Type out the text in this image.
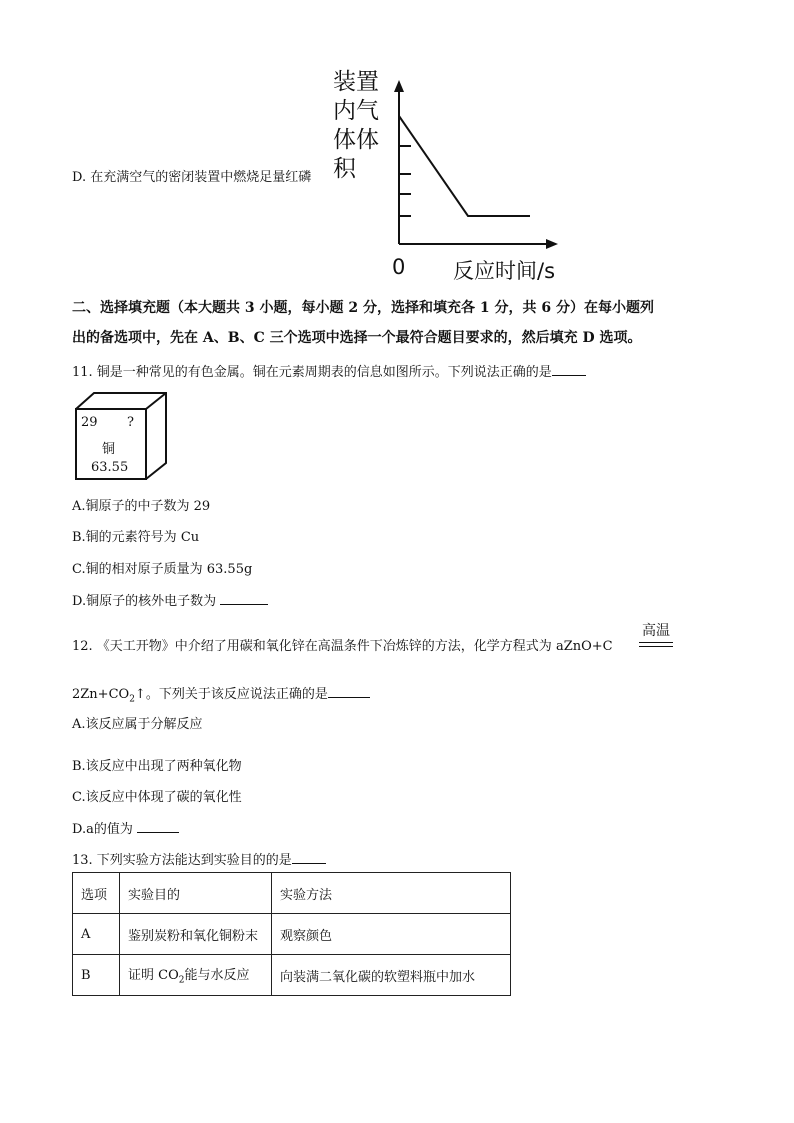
D. 在充满空气的密闭装置中燃烧足量红磷
装置
内气
体体
积
0 反应时间/s
二、选择填充题（本大题共 3 小题，每小题 2 分，选择和填充各 1 分，共 6 分）在每小题列
出的备选项中，先在 A、B、C 三个选项中选择一个最符合题目要求的，然后填充 D 选项。
11. 铜是一种常见的有色金属。铜在元素周期表的信息如图所示。下列说法正确的是
29 ?
铜
63.55
A.铜原子的中子数为 29
B.铜的元素符号为 Cu
C.铜的相对原子质量为 63.55g
D.铜原子的核外电子数为
12. 《天工开物》中介绍了用碳和氧化锌在高温条件下冶炼锌的方法，化学方程式为 aZnO+C
高温
$2Zn+CO_2↑$。下列关于该反应说法正确的是
A.该反应属于分解反应
B.该反应中出现了两种氧化物
C.该反应中体现了碳的氧化性
D.a的值为
13. 下列实验方法能达到实验目的的是
选项	实验目的	实验方法
A	鉴别炭粉和氧化铜粉末	观察颜色
B	证明 $CO_2$能与水反应	向装满二氧化碳的软塑料瓶中加水
